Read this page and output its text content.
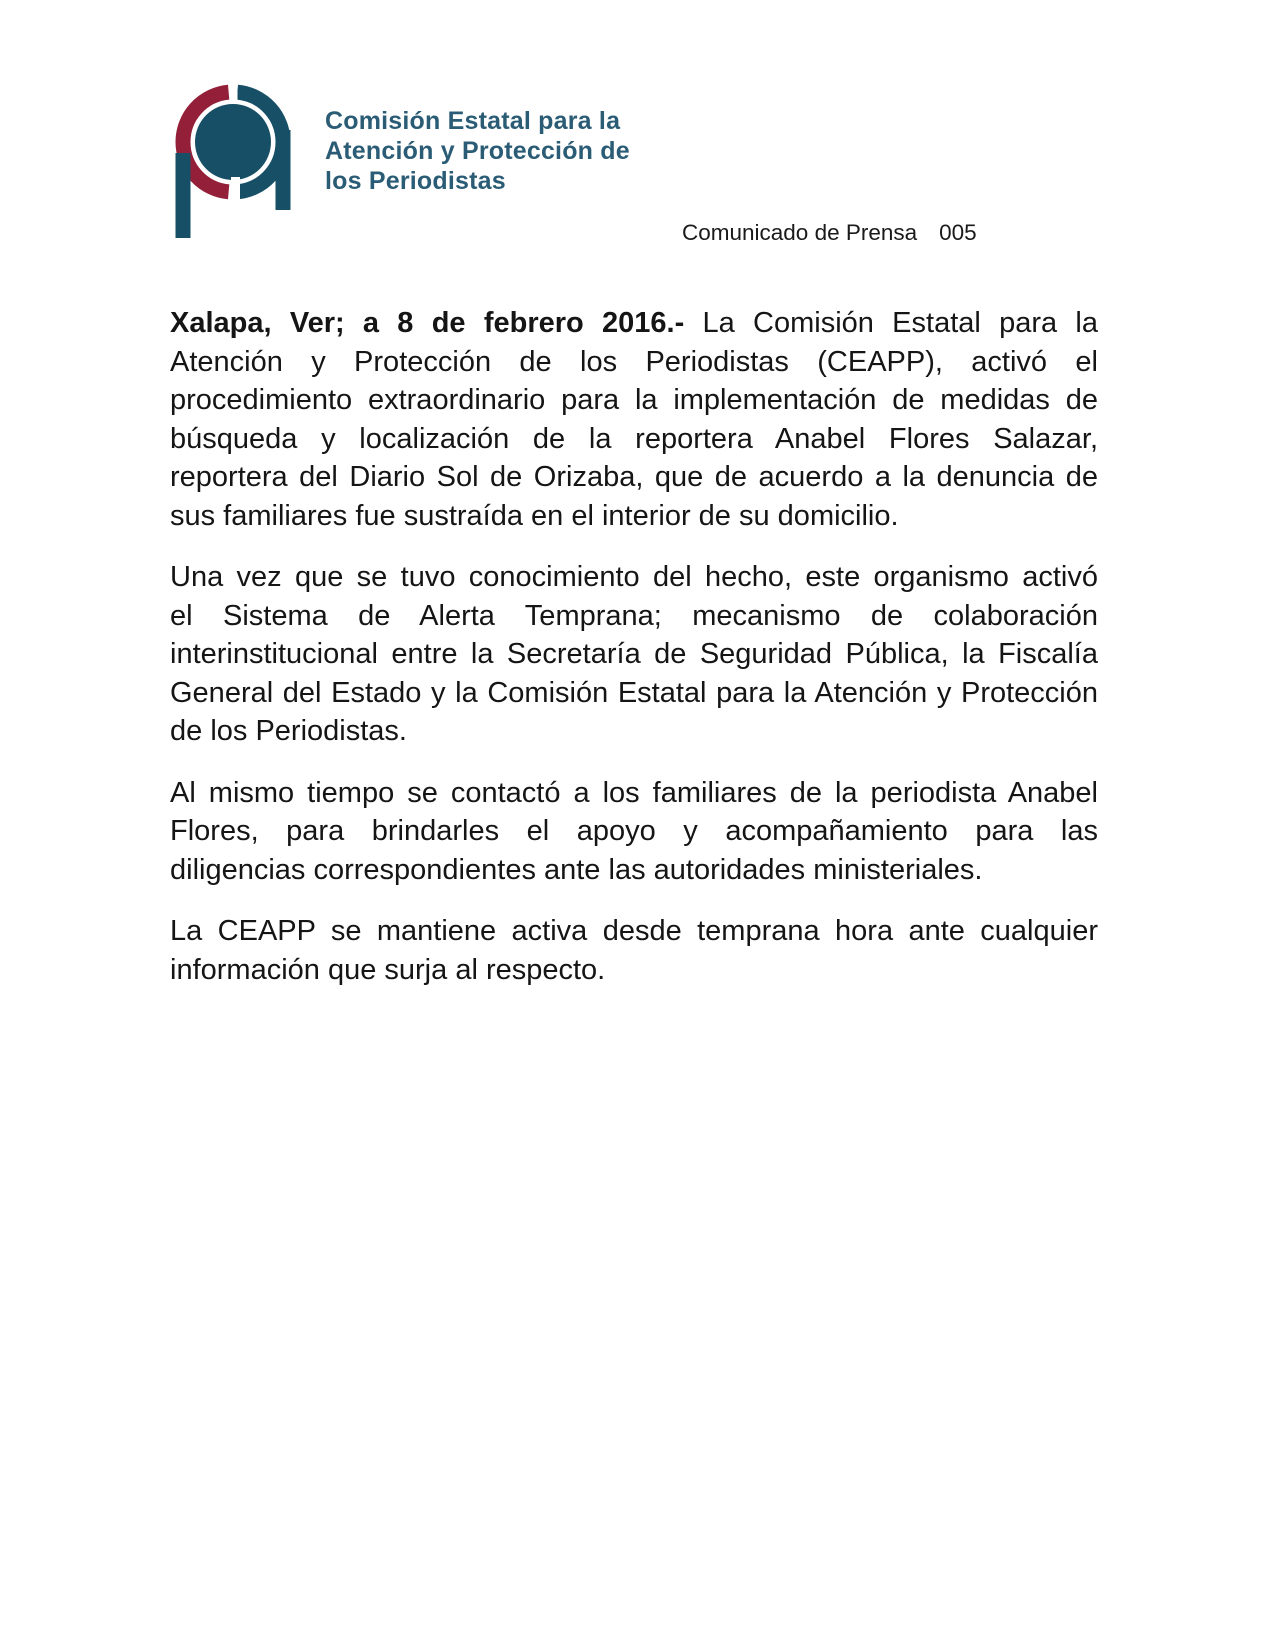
Comisión Estatal para la
Atención y Protección de
los Periodistas
Comunicado de Prensa 005
Xalapa, Ver; a 8 de febrero 2016.- La Comisión Estatal para la
Atención y Protección de los Periodistas (CEAPP), activó el
procedimiento extraordinario para la implementación de medidas de
búsqueda y localización de la reportera Anabel Flores Salazar,
reportera del Diario Sol de Orizaba, que de acuerdo a la denuncia de
sus familiares fue sustraída en el interior de su domicilio.
Una vez que se tuvo conocimiento del hecho, este organismo activó
el Sistema de Alerta Temprana; mecanismo de colaboración
interinstitucional entre la Secretaría de Seguridad Pública, la Fiscalía
General del Estado y la Comisión Estatal para la Atención y Protección
de los Periodistas.
Al mismo tiempo se contactó a los familiares de la periodista Anabel
Flores, para brindarles el apoyo y acompañamiento para las
diligencias correspondientes ante las autoridades ministeriales.
La CEAPP se mantiene activa desde temprana hora ante cualquier
información que surja al respecto.
